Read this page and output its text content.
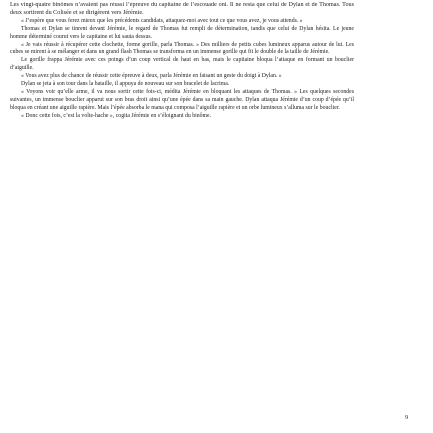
Les vingt-quatre binômes n’avaient pas réussi l’épreuve du capitaine de l’escouade oni. Il ne resta que celui de Dylan et de Thomas. Tous deux sortirent du Colisée et se dirigèrent vers Jérémie.

« J’espère que vous ferez mieux que les précédents candidats, attaquez-moi avec tout ce que vous avez, je vous attends. »

Thomas et Dylan se tinrent devant Jérémie, le regard de Thomas fut rempli de détermination, tandis que celui de Dylan hésita. Le jeune homme déterminé courut vers le capitaine et lui sauta dessus.

« Je vais réussir à récupérer cette clochette, forme gorille, parla Thomas. » Des milliers de petits cubes lumineux apparus autour de lui. Les cubes se mirent à se mélanger et dans un grand flash Thomas se transforma en un immense gorille qui fit le double de la taille de Jérémie.

Le gorille frappa Jérémie avec ces poings d’un coup vertical de haut en bas, mais le capitaine bloqua l’attaque en formant un bouclier d’aiguille.

« Vous avez plus de chance de réussir cette épreuve à deux, parla Jérémie en faisant un geste du doigt à Dylan. »

Dylan se jeta à son tour dans la bataille, il appuya de nouveau sur son bracelet de lacrima.

« Voyons voir qu’elle arme, il va nous sortir cette fois-ci, médita Jérémie en bloquant les attaques de Thomas. » Les quelques secondes suivantes, un immense bouclier apparut sur son bras droit ainsi qu’une épée dans sa main gauche. Dylan attaqua Jérémie d’un coup d’épée qu’il bloqua en créant une aiguille rapière. Mais l’épée absorba le mana qui composa l’aiguille rapière et un orbe lumineux s’alluma sur le bouclier.

« Donc cette fois, c’est la volte-hache », cogita Jérémie en s’éloignant du binôme.

9
